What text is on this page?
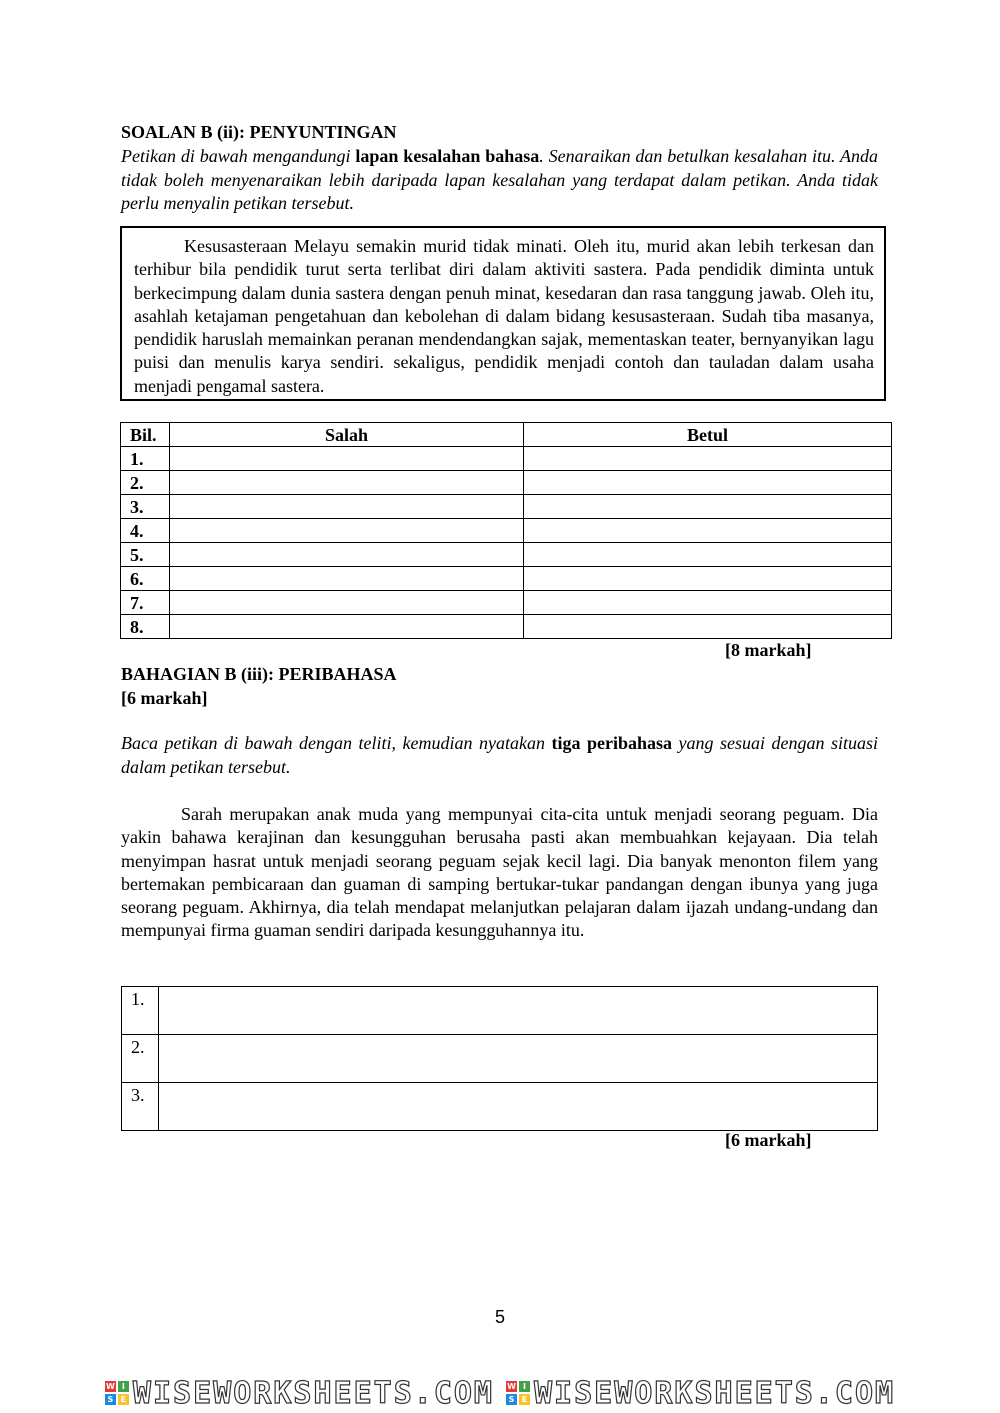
SOALAN B (ii): PENYUNTINGAN
Petikan di bawah mengandungi lapan kesalahan bahasa. Senaraikan dan betulkan kesalahan itu. Anda tidak boleh menyenaraikan lebih daripada lapan kesalahan yang terdapat dalam petikan. Anda tidak perlu menyalin petikan tersebut.

Kesusasteraan Melayu semakin murid tidak minati. Oleh itu, murid akan lebih terkesan dan terhibur bila pendidik turut serta terlibat diri dalam aktiviti sastera. Pada pendidik diminta untuk berkecimpung dalam dunia sastera dengan penuh minat, kesedaran dan rasa tanggung jawab. Oleh itu, asahlah ketajaman pengetahuan dan kebolehan di dalam bidang kesusasteraan. Sudah tiba masanya, pendidik haruslah memainkan peranan mendendangkan sajak, mementaskan teater, bernyanyikan lagu puisi dan menulis karya sendiri. sekaligus, pendidik menjadi contoh dan tauladan dalam usaha menjadi pengamal sastera.

Bil.	Salah	Betul
1.		
2.		
3.		
4.		
5.		
6.		
7.		
8.		
[8 markah]
BAHAGIAN B (iii): PERIBAHASA
[6 markah]
Baca petikan di bawah dengan teliti, kemudian nyatakan tiga peribahasa yang sesuai dengan situasi dalam petikan tersebut.

Sarah merupakan anak muda yang mempunyai cita-cita untuk menjadi seorang peguam. Dia yakin bahawa kerajinan dan kesungguhan berusaha pasti akan membuahkan kejayaan. Dia telah menyimpan hasrat untuk menjadi seorang peguam sejak kecil lagi. Dia banyak menonton filem yang bertemakan pembicaraan dan guaman di samping bertukar-tukar pandangan dengan ibunya yang juga seorang peguam. Akhirnya, dia telah mendapat melanjutkan pelajaran dalam ijazah undang-undang dan mempunyai firma guaman sendiri daripada kesungguhannya itu.

1.	
2.	
3.	
[6 markah]
5
W I
S E WISEWORKSHEETS.COM W I
S E WISEWORKSHEETS.COM
